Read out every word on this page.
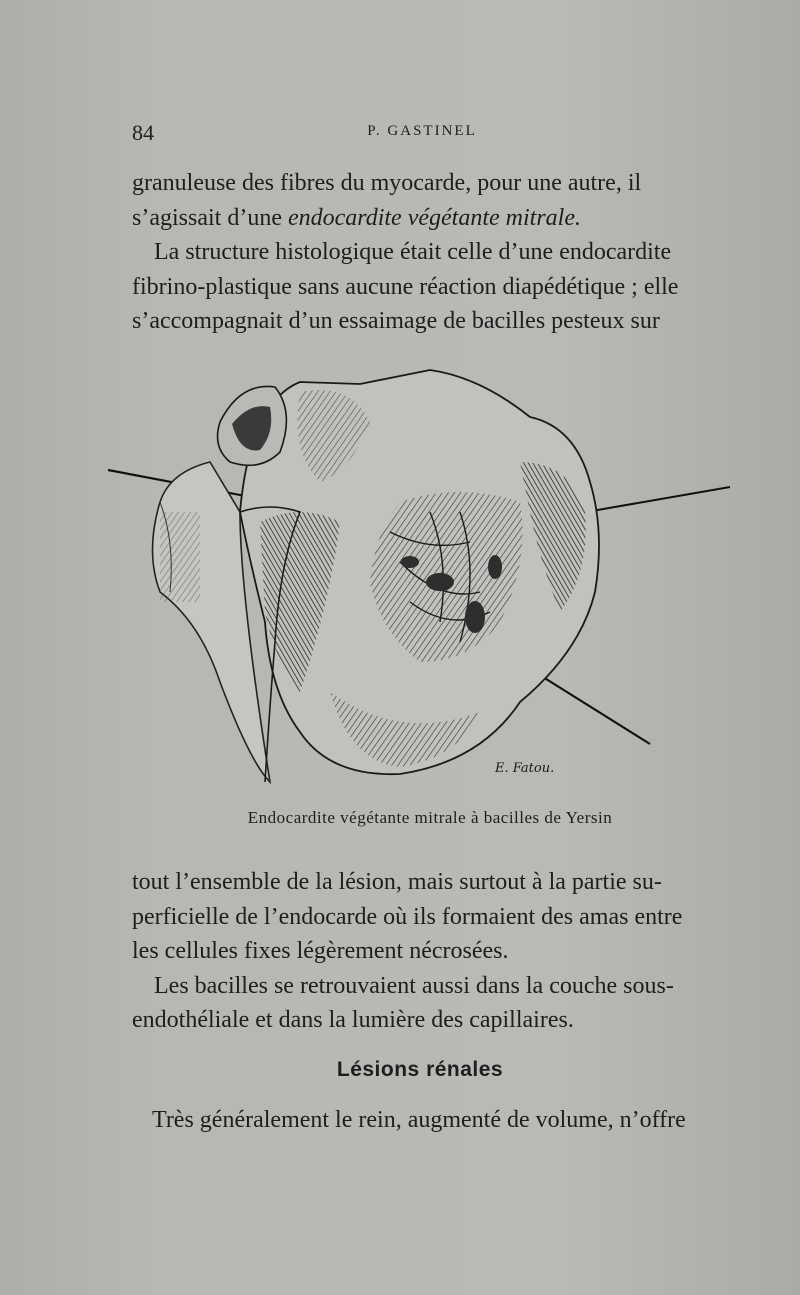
84	P. GASTINEL

granuleuse des fibres du myocarde, pour une autre, il

s’agissait d’une endocardite végétante mitrale.

La structure histologique était celle d’une endocardite

fibrino-plastique sans aucune réaction diapédétique ; elle

s’accompagnait d’un essaimage de bacilles pesteux sur

E. Fatou.
Endocardite végétante mitrale à bacilles de Yersin

tout l’ensemble de la lésion, mais surtout à la partie su-

perficielle de l’endocarde où ils formaient des amas entre

les cellules fixes légèrement nécrosées.

Les bacilles se retrouvaient aussi dans la couche sous-

endothéliale et dans la lumière des capillaires.

Lésions rénales
Très généralement le rein, augmenté de volume, n’offre
